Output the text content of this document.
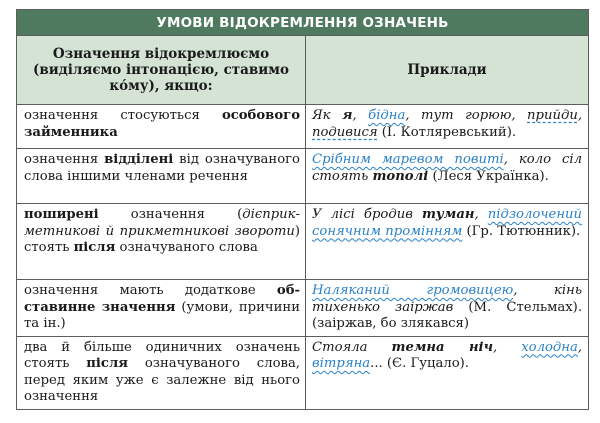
УМОВИ ВІДОКРЕМЛЕННЯ ОЗНАЧЕНЬ	

Означення відокремлюємо
(виділяємо інтонацією, ставимо
ко́му), якщо:	Приклади
означення стосуються особового займенника	Як я, бідна, тут горюю, прийди, подивися (І. Котляревський).
означення віддiлені від означуваного слова іншими членами речення	Срібним маревом повиті, коло сіл стоять тополі (Леся Українка).
поширені означення (дієприкметникові й прикметникові звороти) стоять після означуваного слова	У лісі бродив туман, підзолочений сонячним промінням (Гр. Тютюнник).
означення мають додаткове обставинне значення (умови, причини та ін.)	Наляканий громовицею, кінь тихенько заіржав (М. Стельмах). (заіржав, бо злякався)
два й більше одиничних означень стоять після означуваного слова, перед яким уже є залежне від нього означення	Стояла темна ніч, холодна, вітряна... (Є. Гуцало).
